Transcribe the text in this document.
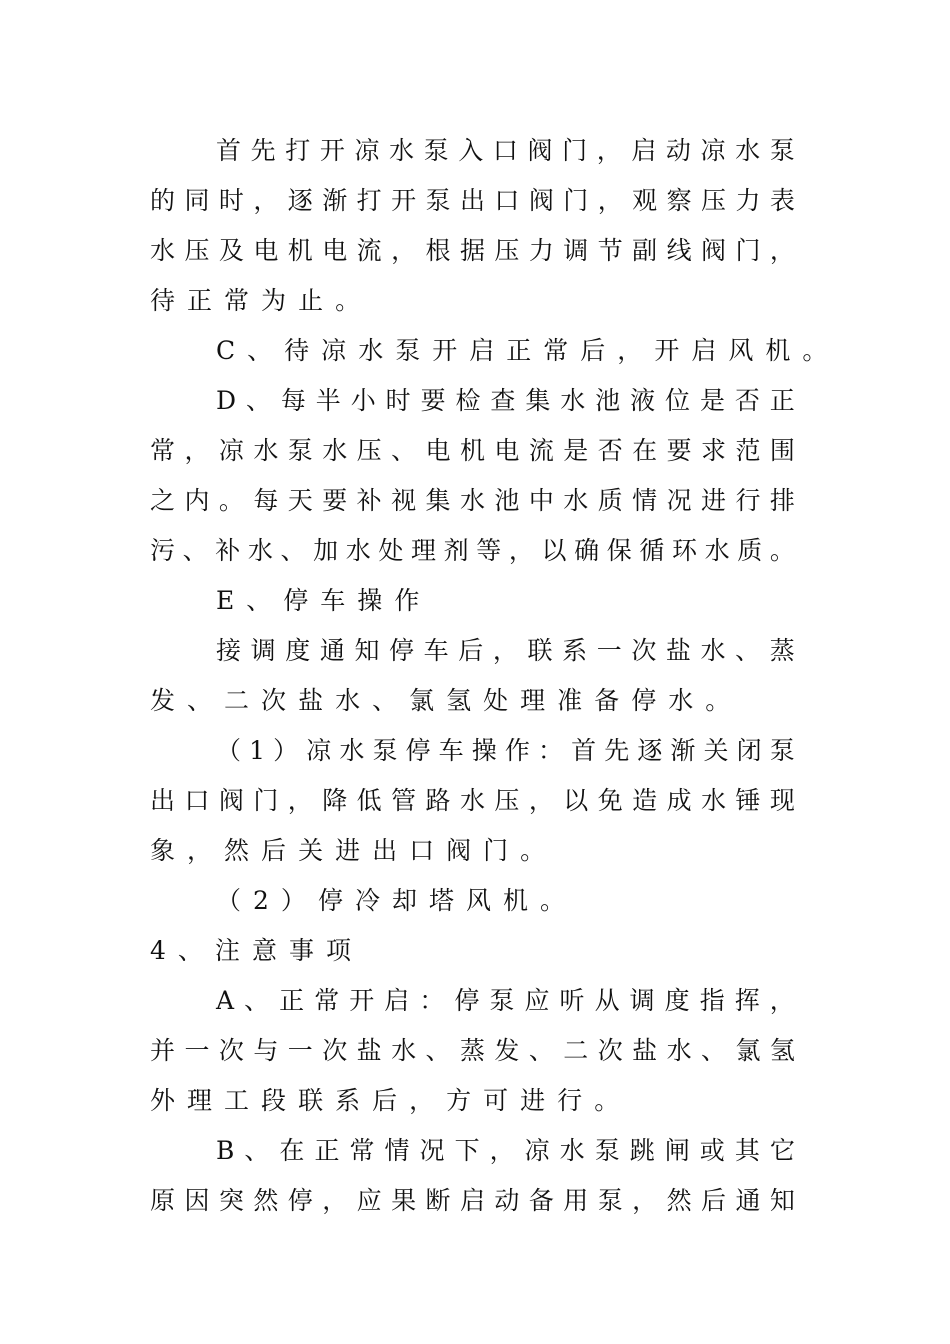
首 先 打 开 凉 水 泵 入 口 阀 门 ， 启 动 凉 水 泵
的 同 时 ， 逐 渐 打 开 泵 出 口 阀 门 ， 观 察 压 力 表
水 压 及 电 机 电 流 ， 根 据 压 力 调 节 副 线 阀 门 ，
待 正 常 为 止 。
C 、 待 凉 水 泵 开 启 正 常 后 ， 开 启 风 机 。
D 、 每 半 小 时 要 检 查 集 水 池 液 位 是 否 正
常 ， 凉 水 泵 水 压 、 电 机 电 流 是 否 在 要 求 范 围
之 内 。 每 天 要 补 视 集 水 池 中 水 质 情 况 进 行 排
污 、 补 水 、 加 水 处 理 剂 等 ， 以 确 保 循 环 水 质 。
E 、 停 车 操 作
接 调 度 通 知 停 车 后 ， 联 系 一 次 盐 水 、 蒸
发 、 二 次 盐 水 、 氯 氢 处 理 准 备 停 水 。
（ 1 ） 凉 水 泵 停 车 操 作 ： 首 先 逐 渐 关 闭 泵
出 口 阀 门 ， 降 低 管 路 水 压 ， 以 免 造 成 水 锤 现
象 ， 然 后 关 进 出 口 阀 门 。
（ 2 ） 停 冷 却 塔 风 机 。
4 、 注 意 事 项
A 、 正 常 开 启 ： 停 泵 应 听 从 调 度 指 挥 ，
并 一 次 与 一 次 盐 水 、 蒸 发 、 二 次 盐 水 、 氯 氢
外 理 工 段 联 系 后 ， 方 可 进 行 。
B 、 在 正 常 情 况 下 ， 凉 水 泵 跳 闸 或 其 它
原 因 突 然 停 ， 应 果 断 启 动 备 用 泵 ， 然 后 通 知
